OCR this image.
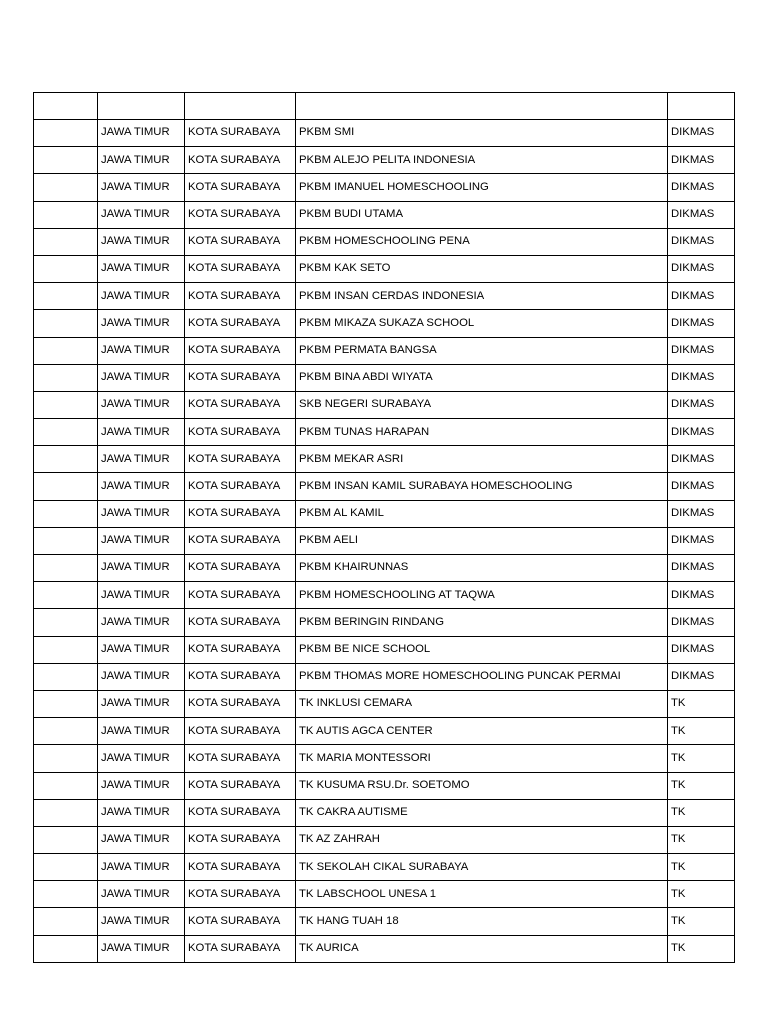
	JAWA TIMUR	KOTA SURABAYA	PKBM SMI	DIKMAS
	JAWA TIMUR	KOTA SURABAYA	PKBM ALEJO PELITA INDONESIA	DIKMAS
	JAWA TIMUR	KOTA SURABAYA	PKBM IMANUEL HOMESCHOOLING	DIKMAS
	JAWA TIMUR	KOTA SURABAYA	PKBM BUDI UTAMA	DIKMAS
	JAWA TIMUR	KOTA SURABAYA	PKBM HOMESCHOOLING PENA	DIKMAS
	JAWA TIMUR	KOTA SURABAYA	PKBM KAK SETO	DIKMAS
	JAWA TIMUR	KOTA SURABAYA	PKBM INSAN CERDAS INDONESIA	DIKMAS
	JAWA TIMUR	KOTA SURABAYA	PKBM MIKAZA SUKAZA SCHOOL	DIKMAS
	JAWA TIMUR	KOTA SURABAYA	PKBM PERMATA BANGSA	DIKMAS
	JAWA TIMUR	KOTA SURABAYA	PKBM BINA ABDI WIYATA	DIKMAS
	JAWA TIMUR	KOTA SURABAYA	SKB NEGERI SURABAYA	DIKMAS
	JAWA TIMUR	KOTA SURABAYA	PKBM TUNAS HARAPAN	DIKMAS
	JAWA TIMUR	KOTA SURABAYA	PKBM MEKAR ASRI	DIKMAS
	JAWA TIMUR	KOTA SURABAYA	PKBM INSAN KAMIL SURABAYA HOMESCHOOLING	DIKMAS
	JAWA TIMUR	KOTA SURABAYA	PKBM AL KAMIL	DIKMAS
	JAWA TIMUR	KOTA SURABAYA	PKBM AELI	DIKMAS
	JAWA TIMUR	KOTA SURABAYA	PKBM KHAIRUNNAS	DIKMAS
	JAWA TIMUR	KOTA SURABAYA	PKBM HOMESCHOOLING AT TAQWA	DIKMAS
	JAWA TIMUR	KOTA SURABAYA	PKBM BERINGIN RINDANG	DIKMAS
	JAWA TIMUR	KOTA SURABAYA	PKBM BE NICE SCHOOL	DIKMAS
	JAWA TIMUR	KOTA SURABAYA	PKBM THOMAS MORE HOMESCHOOLING PUNCAK PERMAI	DIKMAS
	JAWA TIMUR	KOTA SURABAYA	TK INKLUSI CEMARA	TK
	JAWA TIMUR	KOTA SURABAYA	TK AUTIS AGCA CENTER	TK
	JAWA TIMUR	KOTA SURABAYA	TK MARIA MONTESSORI	TK
	JAWA TIMUR	KOTA SURABAYA	TK KUSUMA RSU.Dr. SOETOMO	TK
	JAWA TIMUR	KOTA SURABAYA	TK CAKRA AUTISME	TK
	JAWA TIMUR	KOTA SURABAYA	TK AZ ZAHRAH	TK
	JAWA TIMUR	KOTA SURABAYA	TK SEKOLAH CIKAL SURABAYA	TK
	JAWA TIMUR	KOTA SURABAYA	TK LABSCHOOL UNESA 1	TK
	JAWA TIMUR	KOTA SURABAYA	TK HANG TUAH 18	TK
	JAWA TIMUR	KOTA SURABAYA	TK AURICA	TK
